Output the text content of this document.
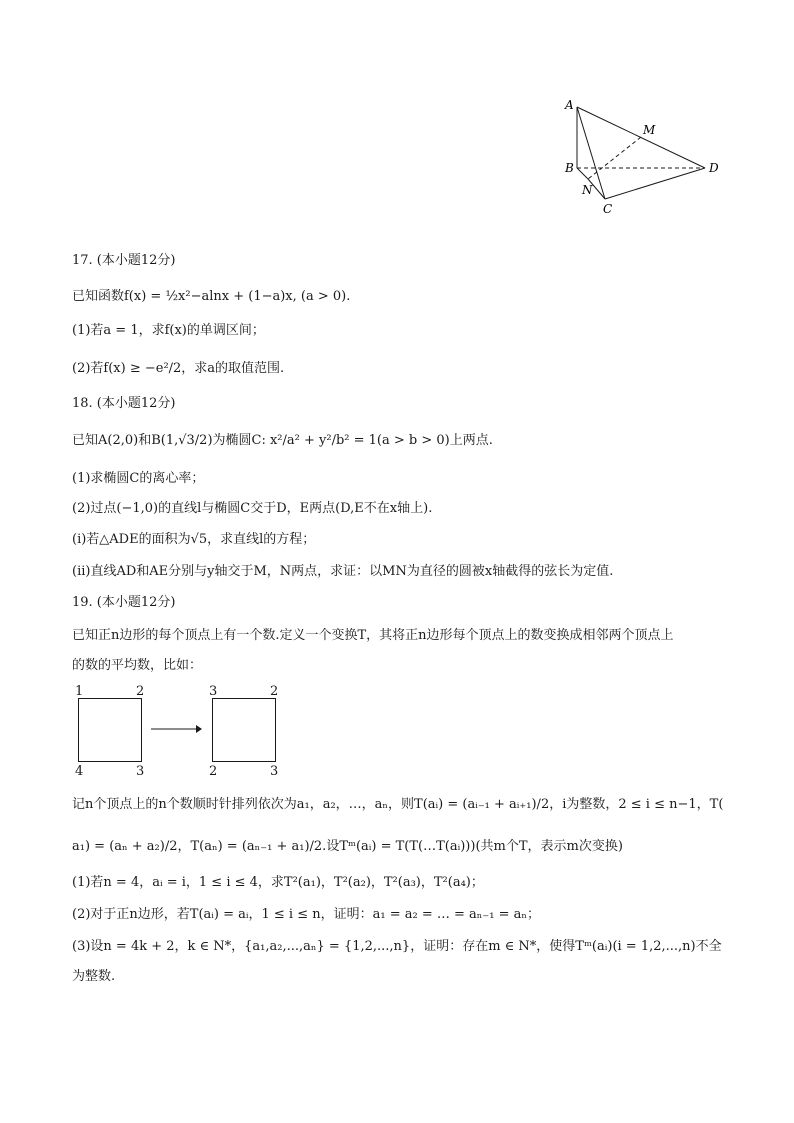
A
M
B	D
N
C
17. (本小题12分)
已知函数f(x) = ½x²−alnx + (1−a)x, (a > 0).
(1)若a = 1，求f(x)的单调区间；
(2)若f(x) ≥ −e²/2，求a的取值范围.
18. (本小题12分)
已知A(2,0)和B(1,√3/2)为椭圆C: x²/a² + y²/b² = 1(a > b > 0)上两点.
(1)求椭圆C的离心率；
(2)过点(−1,0)的直线l与椭圆C交于D，E两点(D,E不在x轴上).
(i)若△ADE的面积为√5，求直线l的方程；
(ii)直线AD和AE分别与y轴交于M，N两点，求证：以MN为直径的圆被x轴截得的弦长为定值.
19. (本小题12分)
已知正n边形的每个顶点上有一个数.定义一个变换T，其将正n边形每个顶点上的数变换成相邻两个顶点上
的数的平均数，比如：
1	2
4	3
3	2
2	3
记n个顶点上的n个数顺时针排列依次为a₁，a₂，…，aₙ，则T(aᵢ) = (aᵢ₋₁ + aᵢ₊₁)/2，i为整数，2 ≤ i ≤ n−1，T(
a₁) = (aₙ + a₂)/2，T(aₙ) = (aₙ₋₁ + a₁)/2.设Tᵐ(aᵢ) = T(T(…T(aᵢ)))(共m个T，表示m次变换)
(1)若n = 4，aᵢ = i，1 ≤ i ≤ 4，求T²(a₁)，T²(a₂)，T²(a₃)，T²(a₄)；
(2)对于正n边形，若T(aᵢ) = aᵢ，1 ≤ i ≤ n，证明：a₁ = a₂ = … = aₙ₋₁ = aₙ；
(3)设n = 4k + 2，k ∈ N*，{a₁,a₂,...,aₙ} = {1,2,...,n}，证明：存在m ∈ N*，使得Tᵐ(aᵢ)(i = 1,2,...,n)不全
为整数.
